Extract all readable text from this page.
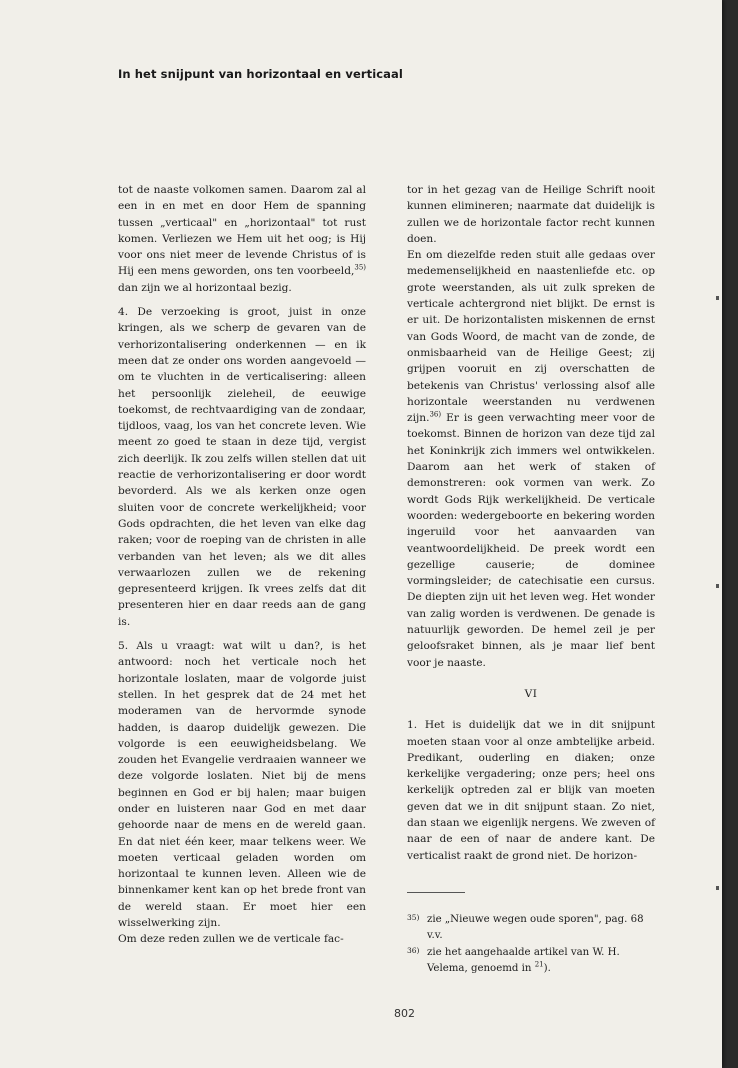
In het snijpunt van horizontaal en verticaal

tot de naaste volkomen samen. Daarom zal al een in en met en door Hem de spanning tussen „verticaal" en „horizontaal" tot rust komen. Verliezen we Hem uit het oog; is Hij voor ons niet meer de levende Christus of is Hij een mens geworden, ons ten voorbeeld,$^{35)}$ dan zijn we al horizontaal bezig.

4. De verzoeking is groot, juist in onze kringen, als we scherp de gevaren van de verhorizontalisering onderkennen — en ik meen dat ze onder ons worden aangevoeld — om te vluchten in de verticalisering: alleen het persoonlijk zieleheil, de eeuwige toekomst, de rechtvaardiging van de zondaar, tijdloos, vaag, los van het concrete leven. Wie meent zo goed te staan in deze tijd, vergist zich deerlijk. Ik zou zelfs willen stellen dat uit reactie de verhorizontalisering er door wordt bevorderd. Als we als kerken onze ogen sluiten voor de concrete werkelijkheid; voor Gods opdrachten, die het leven van elke dag raken; voor de roeping van de christen in alle verbanden van het leven; als we dit alles verwaarlozen zullen we de rekening gepresenteerd krijgen. Ik vrees zelfs dat dit presenteren hier en daar reeds aan de gang is.

5. Als u vraagt: wat wilt u dan?, is het antwoord: noch het verticale noch het horizontale loslaten, maar de volgorde juist stellen. In het gesprek dat de 24 met het moderamen van de hervormde synode hadden, is daarop duidelijk gewezen. Die volgorde is een eeuwigheidsbelang. We zouden het Evangelie verdraaien wanneer we deze volgorde loslaten. Niet bij de mens beginnen en God er bij halen; maar buigen onder en luisteren naar God en met daar gehoorde naar de mens en de wereld gaan. En dat niet één keer, maar telkens weer. We moeten verticaal geladen worden om horizontaal te kunnen leven. Alleen wie de binnenkamer kent kan op het brede front van de wereld staan. Er moet hier een wisselwerking zijn.

Om deze reden zullen we de verticale fac-

tor in het gezag van de Heilige Schrift nooit kunnen elimineren; naarmate dat duidelijk is zullen we de horizontale factor recht kunnen doen.

En om diezelfde reden stuit alle gedaas over medemenselijkheid en naastenliefde etc. op grote weerstanden, als uit zulk spreken de verticale achtergrond niet blijkt. De ernst is er uit. De horizontalisten miskennen de ernst van Gods Woord, de macht van de zonde, de onmisbaarheid van de Heilige Geest; zij grijpen vooruit en zij overschatten de betekenis van Christus' verlossing alsof alle horizontale weerstanden nu verdwenen zijn.$^{36)}$ Er is geen verwachting meer voor de toekomst. Binnen de horizon van deze tijd zal het Koninkrijk zich immers wel ontwikkelen. Daarom aan het werk of staken of demonstreren: ook vormen van werk. Zo wordt Gods Rijk werkelijkheid. De verticale woorden: wedergeboorte en bekering worden ingeruild voor het aanvaarden van veantwoordelijkheid. De preek wordt een gezellige causerie; de dominee vormingsleider; de catechisatie een cursus. De diepten zijn uit het leven weg. Het wonder van zalig worden is verdwenen. De genade is natuurlijk geworden. De hemel zeil je per geloofsraket binnen, als je maar lief bent voor je naaste.

VI

1. Het is duidelijk dat we in dit snijpunt moeten staan voor al onze ambtelijke arbeid. Predikant, ouderling en diaken; onze kerkelijke vergadering; onze pers; heel ons kerkelijk optreden zal er blijk van moeten geven dat we in dit snijpunt staan. Zo niet, dan staan we eigenlijk nergens. We zweven of naar de een of naar de andere kant. De verticalist raakt de grond niet. De horizon-

35) zie „Nieuwe wegen oude sporen", pag. 68 v.v.
36) zie het aangehaalde artikel van W. H. Velema, genoemd in $^{21}$).
802
